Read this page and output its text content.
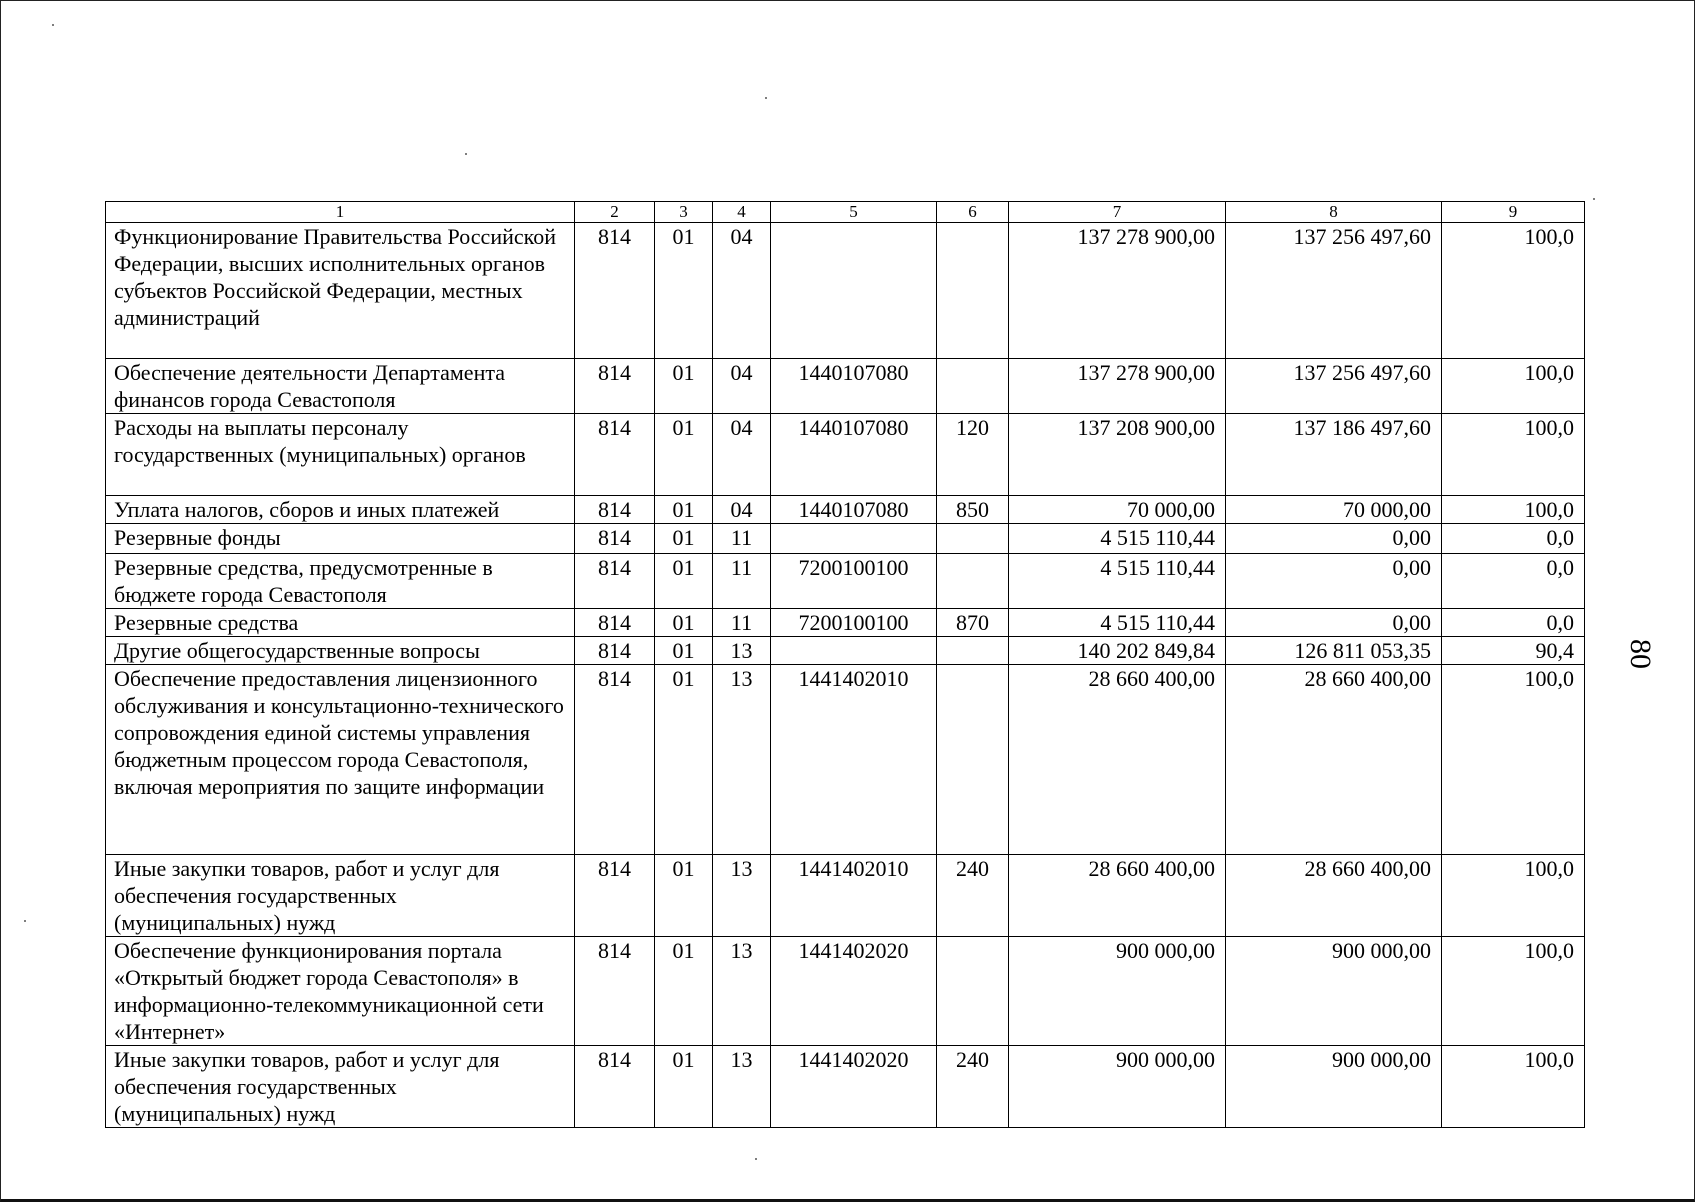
1	2	3	4	5	6	7	8	9
Функционирование Правительства Российской Федерации, высших исполнительных органов субъектов Российской Федерации, местных администраций	814	01	04			137 278 900,00	137 256 497,60	100,0
Обеспечение деятельности Департамента финансов города Севастополя	814	01	04	1440107080		137 278 900,00	137 256 497,60	100,0
Расходы на выплаты персоналу государственных (муниципальных) органов	814	01	04	1440107080	120	137 208 900,00	137 186 497,60	100,0
Уплата налогов, сборов и иных платежей	814	01	04	1440107080	850	70 000,00	70 000,00	100,0
Резервные фонды	814	01	11			4 515 110,44	0,00	0,0
Резервные средства, предусмотренные в бюджете города Севастополя	814	01	11	7200100100		4 515 110,44	0,00	0,0
Резервные средства	814	01	11	7200100100	870	4 515 110,44	0,00	0,0
Другие общегосударственные вопросы	814	01	13			140 202 849,84	126 811 053,35	90,4
Обеспечение предоставления лицензионного обслуживания и консультационно-технического сопровождения единой системы управления бюджетным процессом города Севастополя, включая мероприятия по защите информации	814	01	13	1441402010		28 660 400,00	28 660 400,00	100,0
Иные закупки товаров, работ и услуг для обеспечения государственных (муниципальных) нужд	814	01	13	1441402010	240	28 660 400,00	28 660 400,00	100,0
Обеспечение функционирования портала «Открытый бюджет города Севастополя» в информационно-телекоммуникационной сети «Интернет»	814	01	13	1441402020		900 000,00	900 000,00	100,0
Иные закупки товаров, работ и услуг для обеспечения государственных (муниципальных) нужд	814	01	13	1441402020	240	900 000,00	900 000,00	100,0
80
